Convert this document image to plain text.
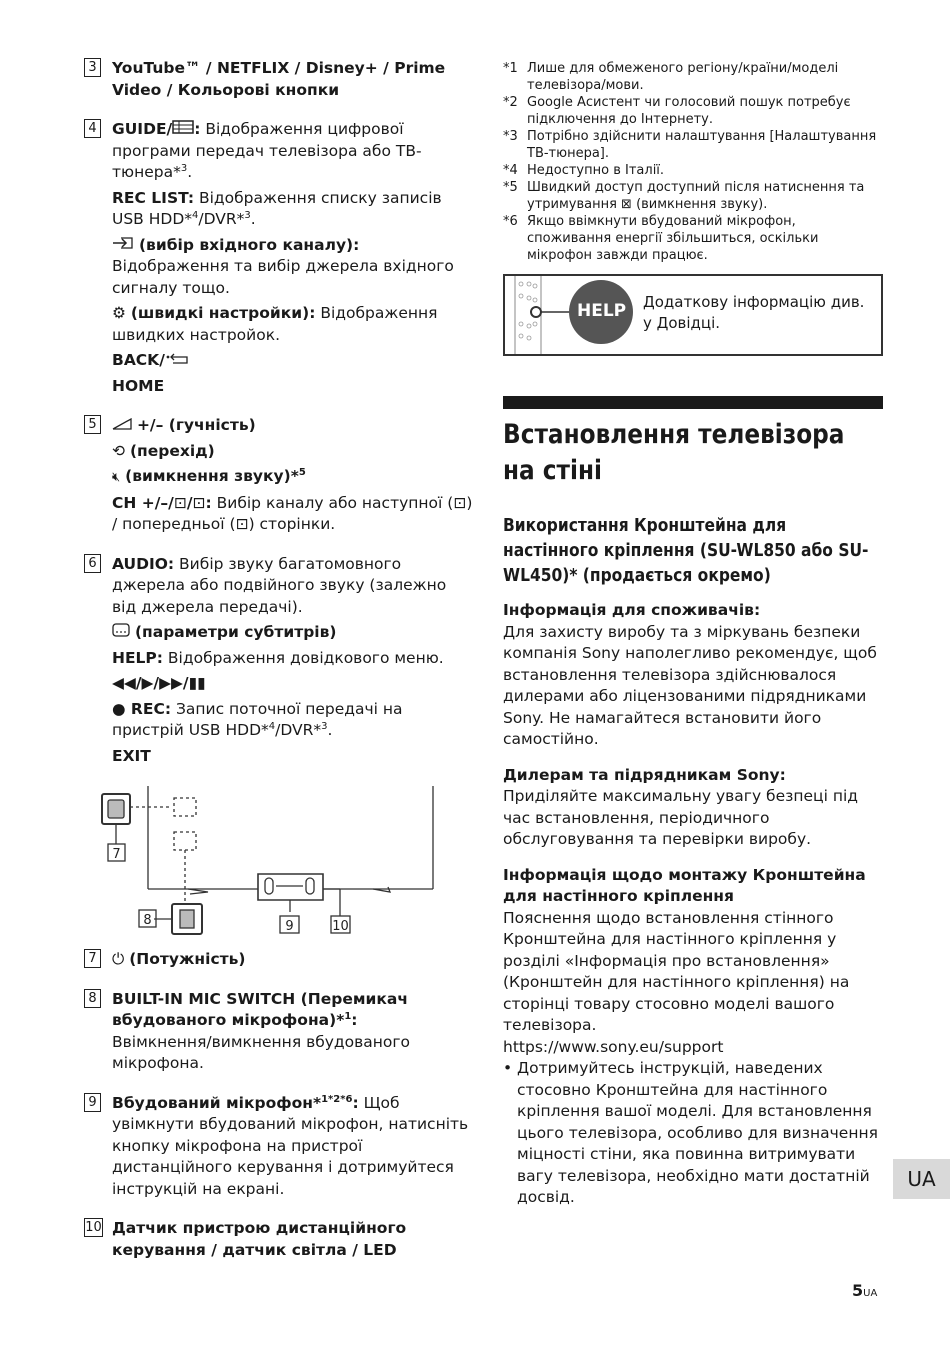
3 YouTube™ / NETFLIX / Disney+ / Prime Video / Кольорові кнопки

4 GUIDE/ : Відображення цифрової програми передач телевізора або ТВ-тюнера*$^3$.

REC LIST: Відображення списку записів USB HDD*$^4$/DVR*$^3$.

(вибір вхідного каналу): Відображення та вибір джерела вхідного сигналу тощо.

⚙ (швидкі настройки): Відображення швидких настройок.

BACK/

HOME

5	+/– (гучність)

⟲ (перехід)

🔇︎ (вимкнення звуку)*$^5$

CH +/–/⊡/⊡: Вибір каналу або наступної (⊡) / попередньої (⊡) сторінки.

6 AUDIO: Вибір звуку багатомовного джерела або подвійного звуку (залежно від джерела передачі).

(параметри субтитрів)

HELP: Відображення довідкового меню.

◀◀/▶/▶▶/▮▮

● REC: Запис поточної передачі на пристрій USB HDD*$^4$/DVR*$^3$.

EXIT

7
8	9	10
7 ⏻ (Потужність)

8 BUILT-IN MIC SWITCH (Перемикач вбудованого мікрофона)*$^1$:
Ввімкнення/вимкнення вбудованого мікрофона.

9 Вбудований мікрофон*$^{1*2*6}$: Щоб увімкнути вбудований мікрофон, натисніть кнопку мікрофона на пристрої дистанційного керування і дотримуйтеся інструкцій на екрані.

10 Датчик пристрою дистанційного керування / датчик світла / LED

*1 Лише для обмеженого регіону/країни/моделі телевізора/мови.
*2 Google Асистент чи голосовий пошук потребує підключення до Інтернету.
*3 Потрібно здійснити налаштування [Налаштування ТВ-тюнера].
*4 Недоступно в Італії.
*5 Швидкий доступ доступний після натиснення та утримування ⊠ (вимкнення звуку).
*6 Якщо ввімкнути вбудований мікрофон, споживання енергії збільшиться, оскільки мікрофон завжди працює.
HELP Додаткову інформацію див. у Довідці.
Встановлення телевізора на стіні
Використання Кронштейна для настінного кріплення (SU-WL850 або SU-WL450)* (продається окремо)
Інформація для споживачів:
Для захисту виробу та з міркувань безпеки компанія Sony наполегливо рекомендує, щоб встановлення телевізора здійснювалося дилерами або ліцензованими підрядниками Sony. Не намагайтеся встановити його самостійно.
Дилерам та підрядникам Sony:
Приділяйте максимальну увагу безпеці під час встановлення, періодичного обслуговування та перевірки виробу.
Інформація щодо монтажу Кронштейна для настінного кріплення
Пояснення щодо встановлення стінного Кронштейна для настінного кріплення у розділі «Інформація про встановлення» (Кронштейн для настінного кріплення) на сторінці товару стосовно моделі вашого телевізора.
https://www.sony.eu/support
• Дотримуйтесь інструкцій, наведених стосовно Кронштейна для настінного кріплення вашої моделі. Для встановлення цього телевізора, особливо для визначення міцності стіни, яка повинна витримувати вагу телевізора, необхідно мати достатній досвід.
UA
5UA
